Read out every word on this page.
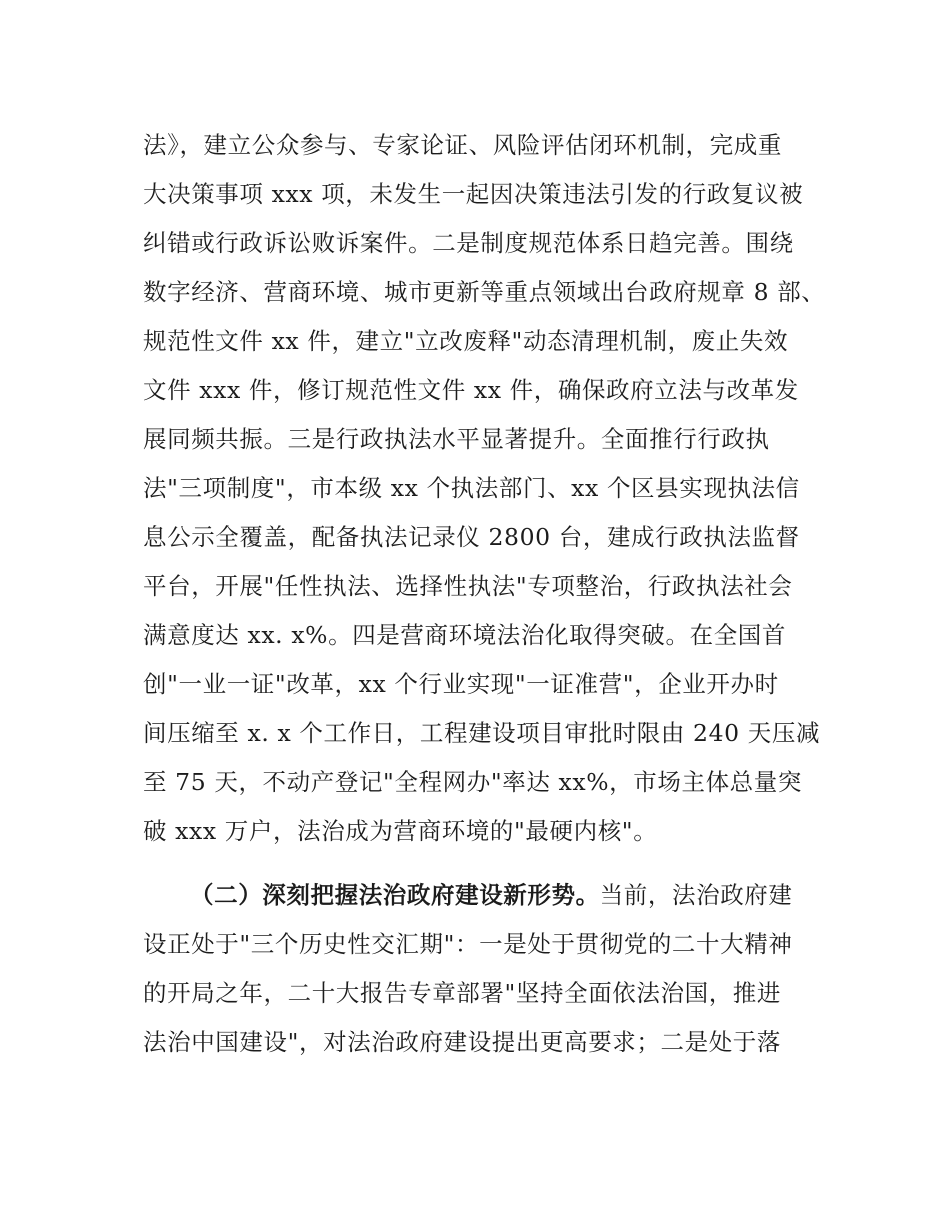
法》，建立公众参与、专家论证、风险评估闭环机制，完成重
大决策事项 xxx 项，未发生一起因决策违法引发的行政复议被
纠错或行政诉讼败诉案件。二是制度规范体系日趋完善。围绕
数字经济、营商环境、城市更新等重点领域出台政府规章 8 部、
规范性文件 xx 件，建立"立改废释"动态清理机制，废止失效
文件 xxx 件，修订规范性文件 xx 件，确保政府立法与改革发
展同频共振。三是行政执法水平显著提升。全面推行行政执
法"三项制度"，市本级 xx 个执法部门、xx 个区县实现执法信
息公示全覆盖，配备执法记录仪 2800 台，建成行政执法监督
平台，开展"任性执法、选择性执法"专项整治，行政执法社会
满意度达 xx. x%。四是营商环境法治化取得突破。在全国首
创"一业一证"改革，xx 个行业实现"一证准营"，企业开办时
间压缩至 x. x 个工作日，工程建设项目审批时限由 240 天压减
至 75 天，不动产登记"全程网办"率达 xx%，市场主体总量突
破 xxx 万户，法治成为营商环境的"最硬内核"。
（二）深刻把握法治政府建设新形势。当前，法治政府建
设正处于"三个历史性交汇期"：一是处于贯彻党的二十大精神
的开局之年，二十大报告专章部署"坚持全面依法治国，推进
法治中国建设"，对法治政府建设提出更高要求；二是处于落
